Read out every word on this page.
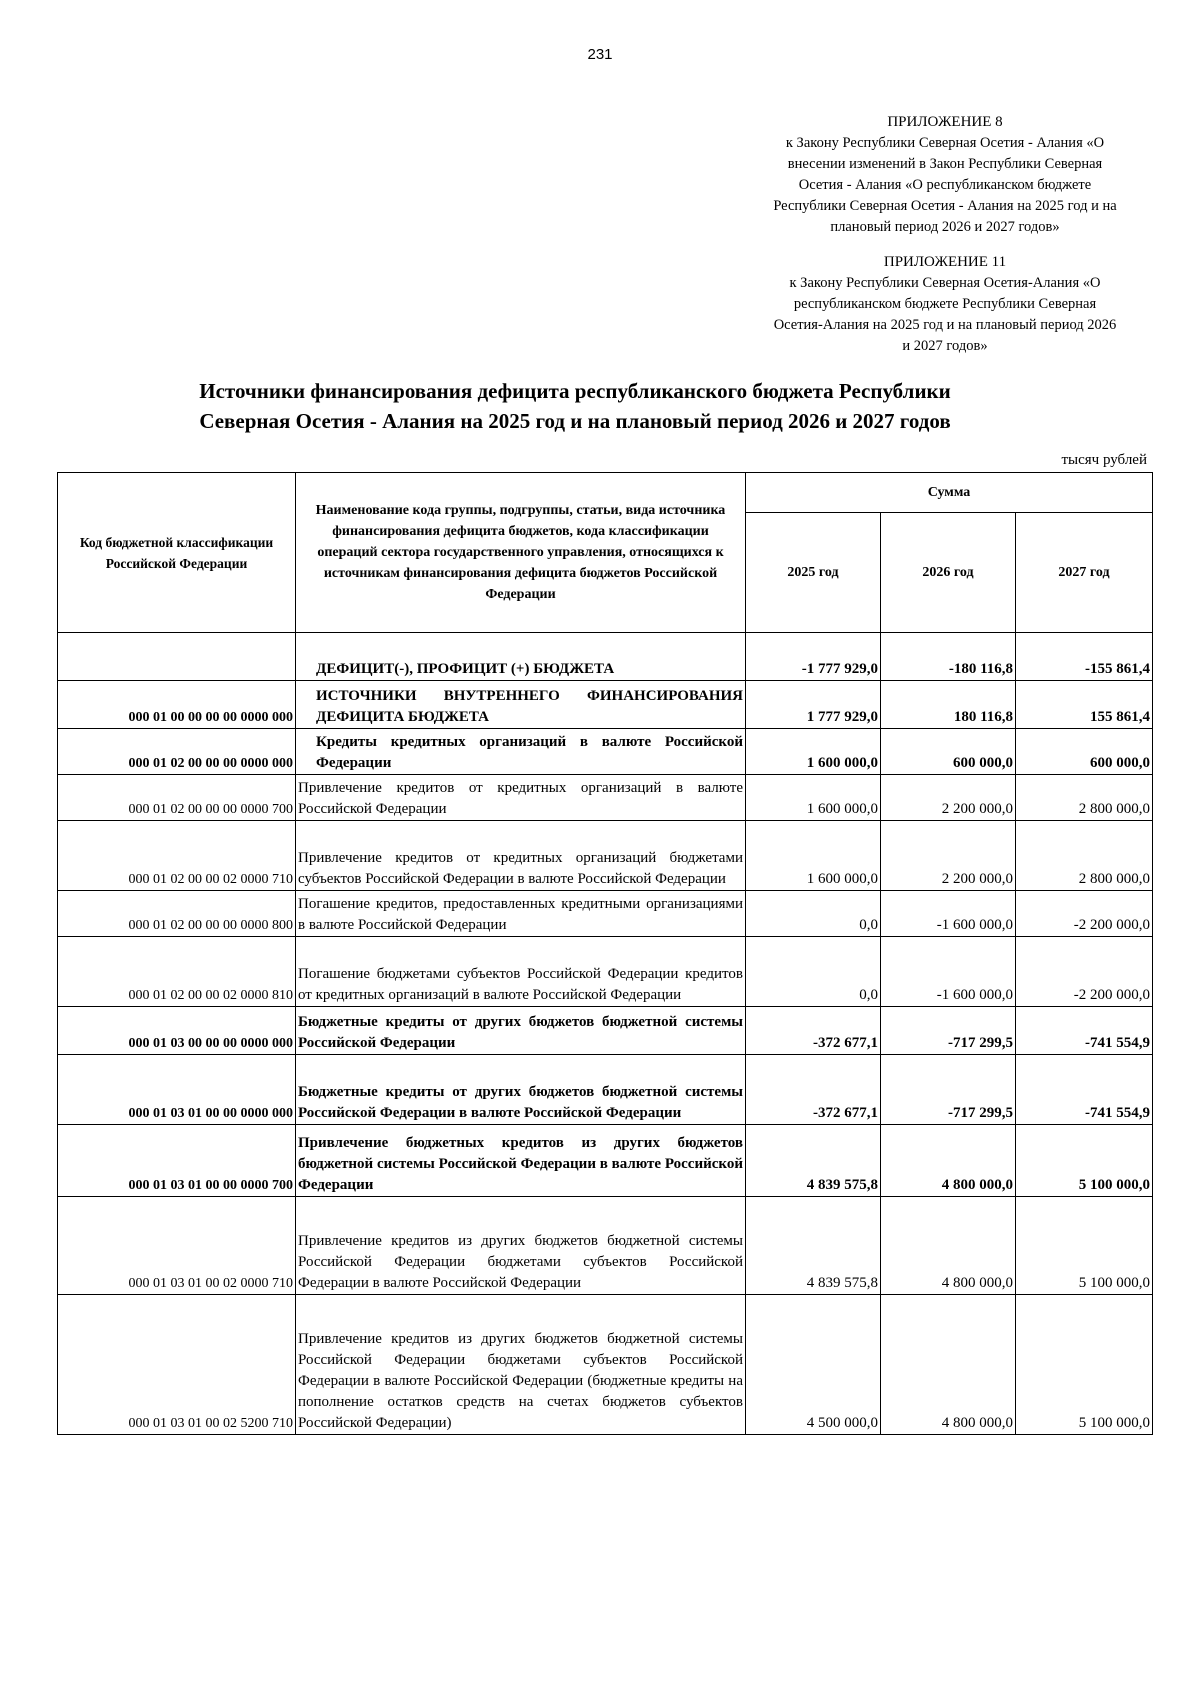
231
ПРИЛОЖЕНИЕ 8
к Закону Республики Северная Осетия - Алания «О
внесении изменений в Закон Республики Северная
Осетия - Алания «О республиканском бюджете
Республики Северная Осетия - Алания на 2025 год и на
плановый период 2026 и 2027 годов»
ПРИЛОЖЕНИЕ 11
к Закону Республики Северная Осетия-Алания «О
республиканском бюджете Республики Северная
Осетия-Алания на 2025 год и на плановый период 2026
и 2027 годов»
Источники финансирования дефицита республиканского бюджета Республики
Северная Осетия - Алания на 2025 год и на плановый период 2026 и 2027 годов
тысяч рублей
Код бюджетной классификации Российской Федерации	Наименование кода группы, подгруппы, статьи, вида источника финансирования дефицита бюджетов, кода классификации операций сектора государственного управления, относящихся к источникам финансирования дефицита бюджетов Российской Федерации	Сумма		
		2025 год	2026 год	2027 год
	ДЕФИЦИТ(-), ПРОФИЦИТ (+) БЮДЖЕТА	-1 777 929,0	-180 116,8	-155 861,4
000 01 00 00 00 00 0000 000	ИСТОЧНИКИ ВНУТРЕННЕГО ФИНАНСИРОВАНИЯ ДЕФИЦИТА БЮДЖЕТА	1 777 929,0	180 116,8	155 861,4
000 01 02 00 00 00 0000 000	Кредиты кредитных организаций в валюте Российской Федерации	1 600 000,0	600 000,0	600 000,0
000 01 02 00 00 00 0000 700	Привлечение кредитов от кредитных организаций в валюте Российской Федерации	1 600 000,0	2 200 000,0	2 800 000,0
000 01 02 00 00 02 0000 710	Привлечение кредитов от кредитных организаций бюджетами субъектов Российской Федерации в валюте Российской Федерации	1 600 000,0	2 200 000,0	2 800 000,0
000 01 02 00 00 00 0000 800	Погашение кредитов, предоставленных кредитными организациями в валюте Российской Федерации	0,0	-1 600 000,0	-2 200 000,0
000 01 02 00 00 02 0000 810	Погашение бюджетами субъектов Российской Федерации кредитов от кредитных организаций в валюте Российской Федерации	0,0	-1 600 000,0	-2 200 000,0
000 01 03 00 00 00 0000 000	Бюджетные кредиты от других бюджетов бюджетной системы Российской Федерации	-372 677,1	-717 299,5	-741 554,9
000 01 03 01 00 00 0000 000	Бюджетные кредиты от других бюджетов бюджетной системы Российской Федерации в валюте Российской Федерации	-372 677,1	-717 299,5	-741 554,9
000 01 03 01 00 00 0000 700	Привлечение бюджетных кредитов из других бюджетов бюджетной системы Российской Федерации в валюте Российской Федерации	4 839 575,8	4 800 000,0	5 100 000,0
000 01 03 01 00 02 0000 710	Привлечение кредитов из других бюджетов бюджетной системы Российской Федерации бюджетами субъектов Российской Федерации в валюте Российской Федерации	4 839 575,8	4 800 000,0	5 100 000,0
000 01 03 01 00 02 5200 710	Привлечение кредитов из других бюджетов бюджетной системы Российской Федерации бюджетами субъектов Российской Федерации в валюте Российской Федерации (бюджетные кредиты на пополнение остатков средств на счетах бюджетов субъектов Российской Федерации)	4 500 000,0	4 800 000,0	5 100 000,0
